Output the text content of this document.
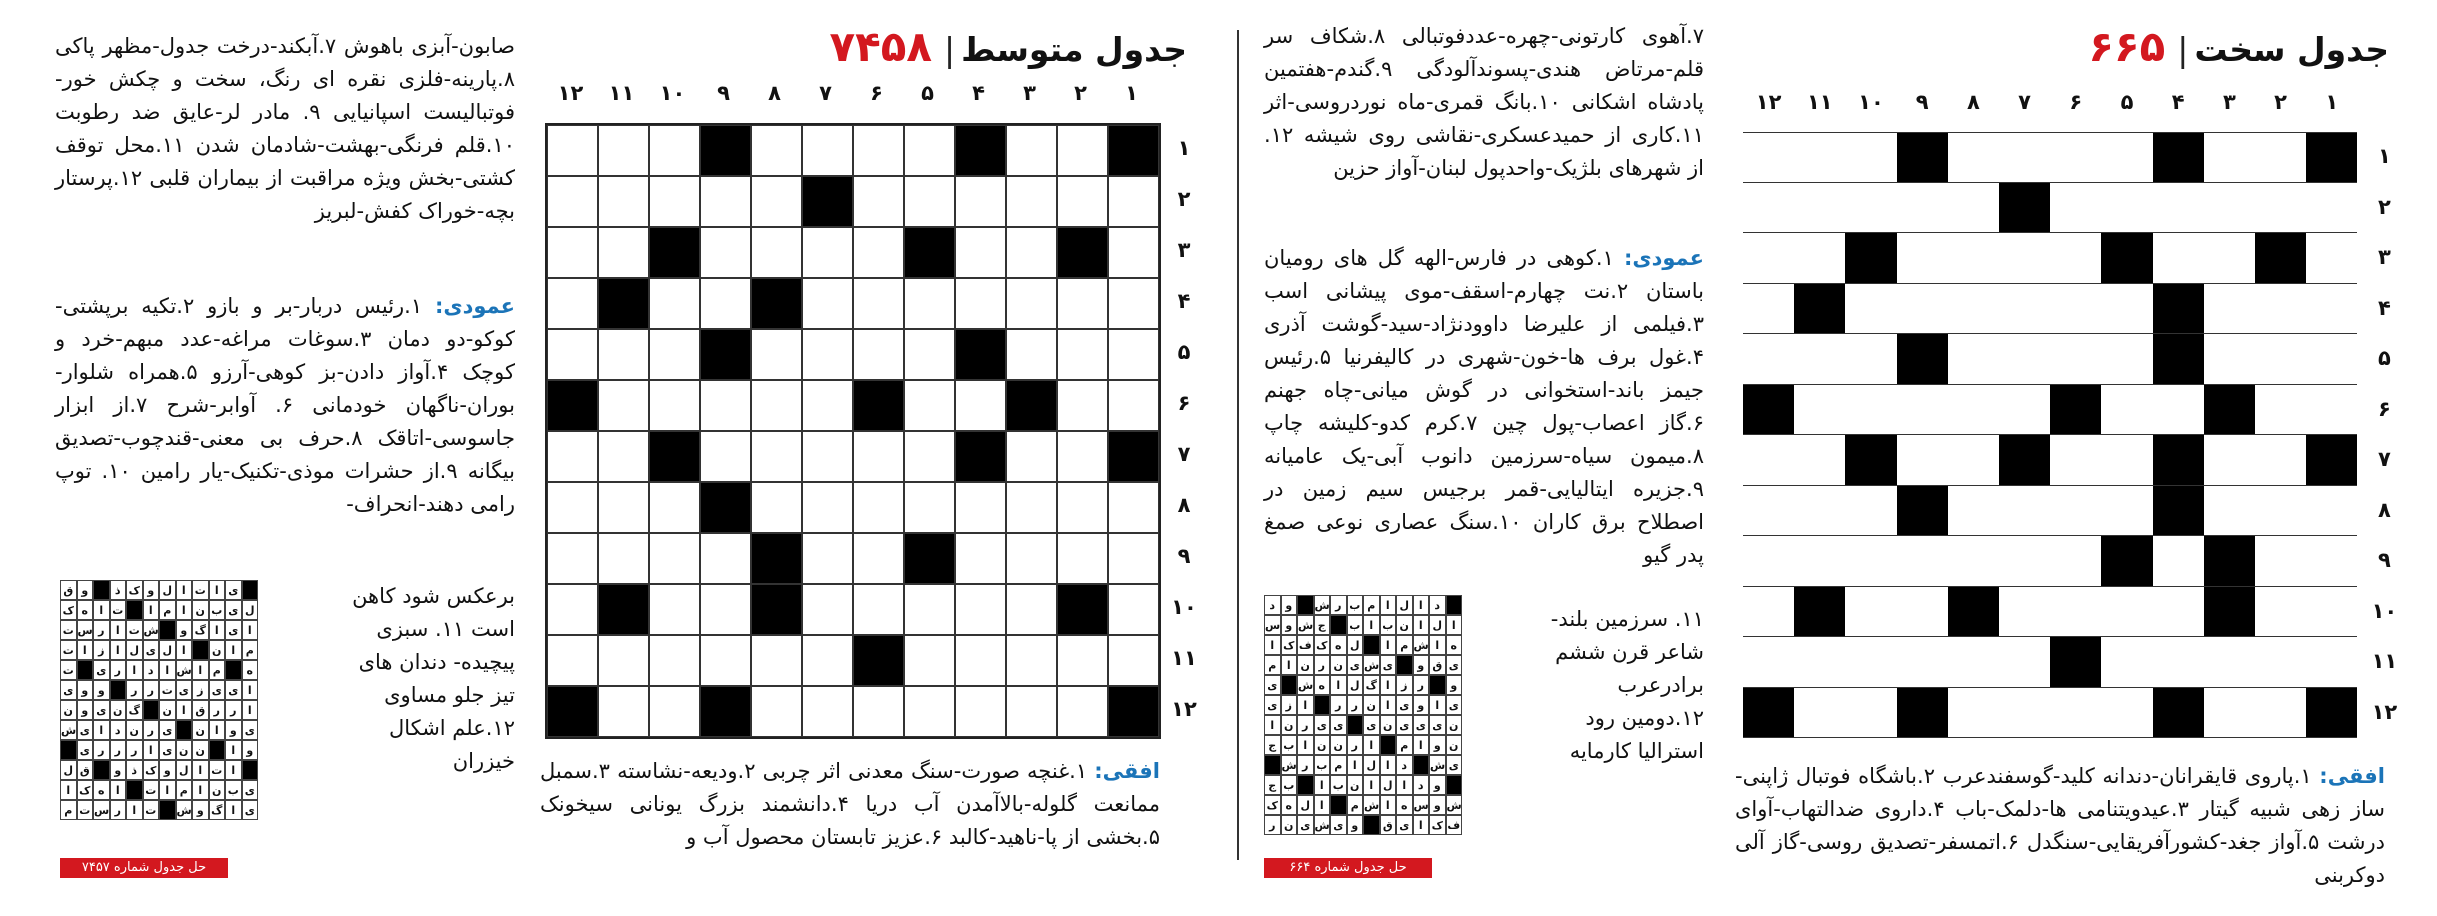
جدول سخت|۶۶۵
۱
۲
۳
۴
۵
۶
۷
۸
۹
۱۰
۱۱
۱۲
۱
۲
۳
۴
۵
۶
۷
۸
۹
۱۰
۱۱
۱۲
افقی: ۱.پاروی قایقرانان-دندانه کلید-گوسفندعرب ۲.باشگاه فوتبال ژاپنی-ساز زهی شبیه گیتار ۳.عیدویتنامی ها-دلمک-باب ۴.داروی ضدالتهاب-آوای درشت ۵.آواز جغد-کشورآفریقایی-سنگدل ۶.اتمسفر-تصدیق روسی-گاز آلی دوکربنی
۷.آهوی کارتونی-چهره-عددفوتبالی ۸.شکاف سر قلم-مرتاض هندی-پسوندآلودگی ۹.گندم-هفتمین پادشاه اشکانی ۱۰.بانگ قمری-ماه نوردروسی-اثر ۱۱.کاری از حمیدعسکری-نقاشی روی شیشه ۱۲. از شهرهای بلژیک-واحدپول لبنان-آواز حزین
عمودی: ۱.کوهی در فارس-الهه گل های رومیان باستان ۲.نت چهارم-اسقف-موی پیشانی اسب ۳.فیلمی از علیرضا داوودنژاد-سید-گوشت آذری ۴.غول برف ها-خون-شهری در کالیفرنیا ۵.رئیس جیمز باند-استخوانی در گوش میانی-چاه جهنم ۶.گاز اعصاب-پول چین ۷.کرم کدو-کلیشه چاپ ۸.میمون سیاه-سرزمین دانوب آبی-یک عامیانه ۹.جزیره ایتالیایی-قمر برجیس سیم زمین در اصطلاح برق کاران ۱۰.سنگ عصاری نوعی صمغ پدر گیو
۱۱. سرزمین بلند-شاعر قرن ششم برادرعرب ۱۲.دومین رود استرالیا کارمایه
د
ا
ل
ا
م
ب
ر
ش
و
د
ا
ل
ا
ن
ب
ا
ب
ج
ش
و
س
ه
ا
ش
م
ا
ل
ه
ک
ف
ک
ا
ی
ق
و
ی
ش
ی
ن
ر
ن
ا
م
و
ر
ز
ا
گ
ل
ا
ه
ش
ی
ی
ا
و
ی
ا
ن
ر
ر
ا
ز
ی
ن
ی
ی
ی
ن
ی
ی
ی
ر
ن
ا
ن
و
ا
م
ا
ر
ن
ن
ا
ب
ج
ی
ش
د
ا
ل
ا
م
ب
ر
ش
و
د
ا
ل
ا
ن
ب
ا
ب
ج
ش
و
س
ه
ا
ش
م
ا
ل
ه
ک
ف
ک
ا
ی
ق
و
ی
ش
ی
ن
ر
حل جدول شماره ۶۶۴
جدول متوسط|۷۴۵۸
۱
۲
۳
۴
۵
۶
۷
۸
۹
۱۰
۱۱
۱۲
۱
۲
۳
۴
۵
۶
۷
۸
۹
۱۰
۱۱
۱۲
افقی: ۱.غنچه صورت-سنگ معدنی اثر چربی ۲.ودیعه-نشاسته ۳.سمبل ممانعت گلوله-بالاآمدن آب دریا ۴.دانشمند بزرگ یونانی سیخونک ۵.بخشی از پا-ناهید-کالبد ۶.عزیز تابستان محصول آب و
صابون-آبزی باهوش ۷.آبکند-درخت جدول-مظهر پاکی ۸.پارینه-فلزی نقره ای رنگ، سخت و چکش خور-فوتبالیست اسپانیایی ۹. مادر لر-عایق ضد رطوبت ۱۰.قلم فرنگی-بهشت-شادمان شدن ۱۱.محل توقف کشتی-بخش ویژه مراقبت از بیماران قلبی ۱۲.پرستار بچه-خوراک کفش-لبریز
عمودی: ۱.رئیس دربار-بر و بازو ۲.تکیه برپشتی-کوکو-دو دمان ۳.سوغات مراغه-عدد مبهم-خرد و کوچک ۴.آواز دادن-بز کوهی-آرزو ۵.همراه شلوار-بوران-ناگهان خودمانی ۶. آوابر-شرح ۷.از ابزار جاسوسی-اتاقک ۸.حرف بی معنی-قندچوب-تصدیق بیگانه ۹.از حشرات موذی-تکنیک-یار رامین ۱۰. توپ رامی دهند-انحراف-
برعکس شود کاهن است ۱۱. سبزی پیچیده- دندان های تیز جلو مساوی ۱۲.علم اشکال خیزران
ی
ا
ت
ا
ل
و
ک
ذ
و
ق
ل
ی
ب
ن
ا
م
ا
ت
ا
ه
ک
ا
ی
ا
گ
و
ش
ت
ا
ر
س
ت
م
ا
ن
ا
ل
ی
ل
ا
ز
ا
ت
ه
م
ا
ش
ا
د
ا
ر
ی
ت
ا
ی
ی
ز
ی
ت
ر
ر
و
و
ی
ا
ر
ر
ق
ا
ن
گ
ن
ی
و
ن
ی
و
ا
ن
ی
ر
ن
د
ا
ی
ش
و
ا
ن
ن
ی
ا
ر
ر
ر
ی
ا
ت
ا
ل
و
ک
ذ
و
ق
ل
ی
ب
ن
ا
م
ا
ت
ا
ه
ک
ا
ی
ا
گ
و
ش
ت
ا
ر
س
ت
م
حل جدول شماره ۷۴۵۷
